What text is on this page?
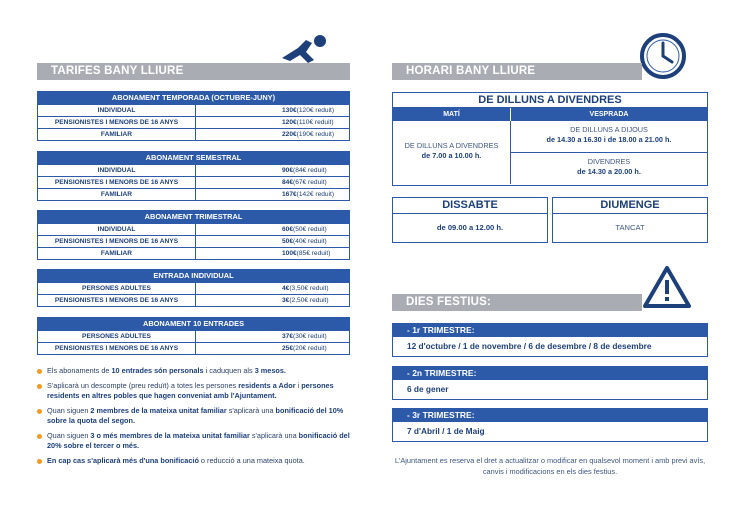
TARIFES BANY LLIURE
ABONAMENT TEMPORADA (OCTUBRE-JUNY)
INDIVIDUAL	130€(120€ reduit)
PENSIONISTES I MENORS DE 16 ANYS	120€(110€ reduit)
FAMILIAR	220€(190€ reduit)
ABONAMENT SEMESTRAL
INDIVIDUAL	90€(84€ reduit)
PENSIONISTES I MENORS DE 16 ANYS	84€(67€ reduit)
FAMILIAR	167€(142€ reduit)
ABONAMENT TRIMESTRAL
INDIVIDUAL	60€(50€ reduit)
PENSIONISTES I MENORS DE 16 ANYS	50€(40€ reduit)
FAMILIAR	100€(85€ reduit)
ENTRADA INDIVIDUAL
PERSONES ADULTES	4€(3,50€ reduit)
PENSIONISTES I MENORS DE 16 ANYS	3€(2,50€ reduit)
ABONAMENT 10 ENTRADES
PERSONES ADULTES	37€(30€ reduit)
PENSIONISTES I MENORS DE 16 ANYS	25€(20€ reduit)
Els abonaments de 10 entrades són personals i caduquen als 3 mesos.
S'aplicarà un descompte (preu reduït) a totes les persones residents a Ador i persones residents en altres pobles que hagen conveniat amb l'Ajuntament.
Quan siguen 2 membres de la mateixa unitat familiar s'aplicarà una bonificació del 10% sobre la quota del segon.
Quan siguen 3 o més membres de la mateixa unitat familiar s'aplicarà una bonificació del 20% sobre el tercer o més.
En cap cas s'aplicarà més d'una bonificació o reducció a una mateixa quota.
HORARI BANY LLIURE
DE DILLUNS A DIVENDRES
MATÍ	VESPRADA
DE DILLUNS A DIVENDRES
de 7.00 a 10.00 h.
DE DILLUNS A DIJOUS
de 14.30 a 16.30 i de 18.00 a 21.00 h.
DIVENDRES
de 14.30 a 20.00 h.
DISSABTE
de 09.00 a 12.00 h.
DIUMENGE
TANCAT
DIES FESTIUS:
- 1r TRIMESTRE:
12 d'octubre / 1 de novembre / 6 de desembre / 8 de desembre
- 2n TRIMESTRE:
6 de gener
- 3r TRIMESTRE:
7 d'Abril / 1 de Maig
L'Ajuntament es reserva el dret a actualitzar o modificar en qualsevol moment i amb previ avís, canvis i modificacions en els dies festius.
